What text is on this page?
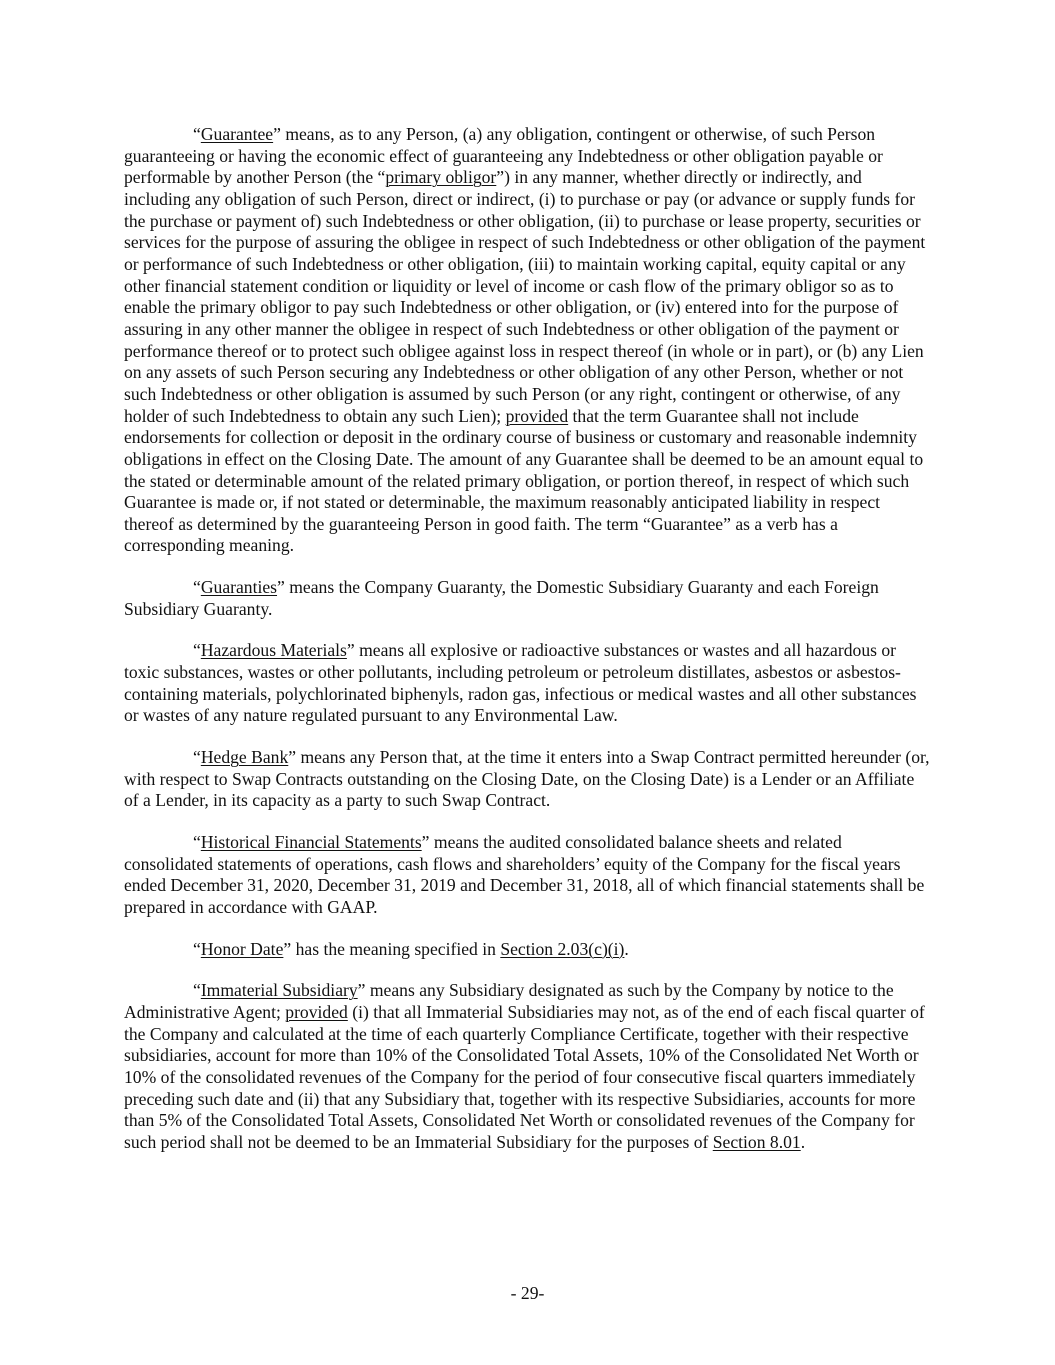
“Guarantee” means, as to any Person, (a) any obligation, contingent or otherwise, of such Person guaranteeing or having the economic effect of guaranteeing any Indebtedness or other obligation payable or performable by another Person (the “primary obligor”) in any manner, whether directly or indirectly, and including any obligation of such Person, direct or indirect, (i) to purchase or pay (or advance or supply funds for the purchase or payment of) such Indebtedness or other obligation, (ii) to purchase or lease property, securities or services for the purpose of assuring the obligee in respect of such Indebtedness or other obligation of the payment or performance of such Indebtedness or other obligation, (iii) to maintain working capital, equity capital or any other financial statement condition or liquidity or level of income or cash flow of the primary obligor so as to enable the primary obligor to pay such Indebtedness or other obligation, or (iv) entered into for the purpose of assuring in any other manner the obligee in respect of such Indebtedness or other obligation of the payment or performance thereof or to protect such obligee against loss in respect thereof (in whole or in part), or (b) any Lien on any assets of such Person securing any Indebtedness or other obligation of any other Person, whether or not such Indebtedness or other obligation is assumed by such Person (or any right, contingent or otherwise, of any holder of such Indebtedness to obtain any such Lien); provided that the term Guarantee shall not include endorsements for collection or deposit in the ordinary course of business or customary and reasonable indemnity obligations in effect on the Closing Date. The amount of any Guarantee shall be deemed to be an amount equal to the stated or determinable amount of the related primary obligation, or portion thereof, in respect of which such Guarantee is made or, if not stated or determinable, the maximum reasonably anticipated liability in respect thereof as determined by the guaranteeing Person in good faith. The term “Guarantee” as a verb has a corresponding meaning.

“Guaranties” means the Company Guaranty, the Domestic Subsidiary Guaranty and each Foreign Subsidiary Guaranty.

“Hazardous Materials” means all explosive or radioactive substances or wastes and all hazardous or toxic substances, wastes or other pollutants, including petroleum or petroleum distillates, asbestos or asbestos-containing materials, polychlorinated biphenyls, radon gas, infectious or medical wastes and all other substances or wastes of any nature regulated pursuant to any Environmental Law.

“Hedge Bank” means any Person that, at the time it enters into a Swap Contract permitted hereunder (or, with respect to Swap Contracts outstanding on the Closing Date, on the Closing Date) is a Lender or an Affiliate of a Lender, in its capacity as a party to such Swap Contract.

“Historical Financial Statements” means the audited consolidated balance sheets and related consolidated statements of operations, cash flows and shareholders’ equity of the Company for the fiscal years ended December 31, 2020, December 31, 2019 and December 31, 2018, all of which financial statements shall be prepared in accordance with GAAP.

“Honor Date” has the meaning specified in Section 2.03(c)(i).

“Immaterial Subsidiary” means any Subsidiary designated as such by the Company by notice to the Administrative Agent; provided (i) that all Immaterial Subsidiaries may not, as of the end of each fiscal quarter of the Company and calculated at the time of each quarterly Compliance Certificate, together with their respective subsidiaries, account for more than 10% of the Consolidated Total Assets, 10% of the Consolidated Net Worth or 10% of the consolidated revenues of the Company for the period of four consecutive fiscal quarters immediately preceding such date and (ii) that any Subsidiary that, together with its respective Subsidiaries, accounts for more than 5% of the Consolidated Total Assets, Consolidated Net Worth or consolidated revenues of the Company for such period shall not be deemed to be an Immaterial Subsidiary for the purposes of Section 8.01.

- 29-
